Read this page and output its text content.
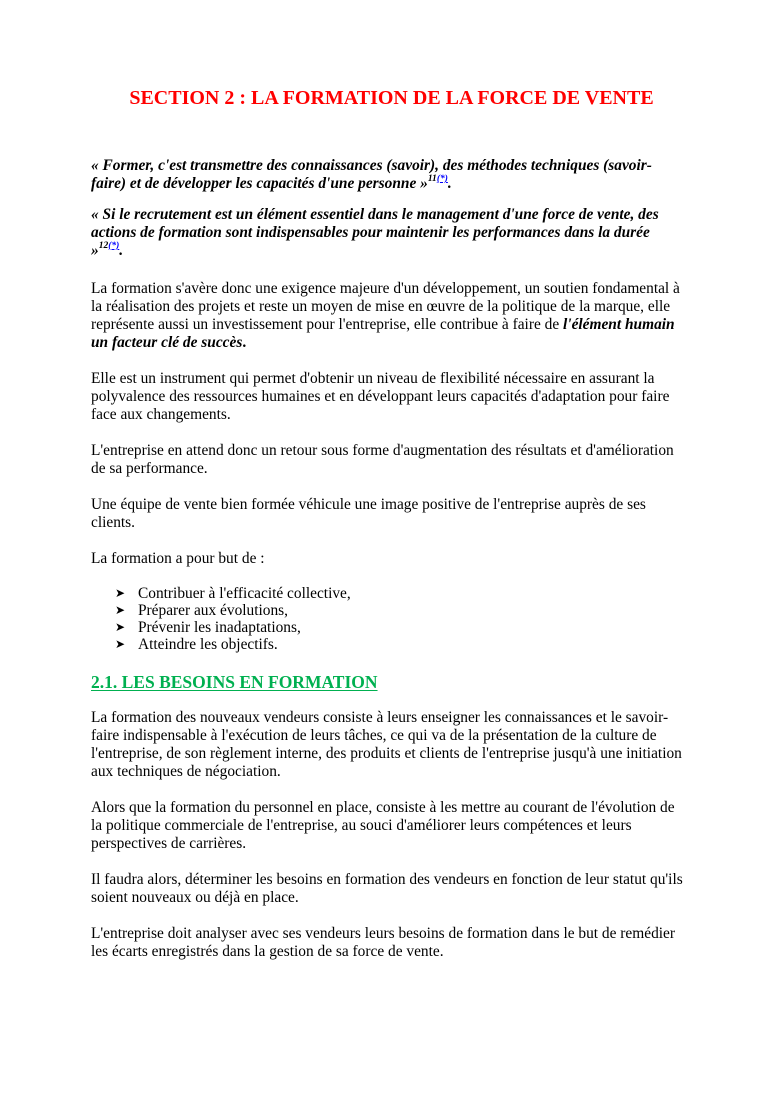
SECTION 2 : LA FORMATION DE LA FORCE DE VENTE

« Former, c'est transmettre des connaissances (savoir), des méthodes techniques (savoir-faire) et de développer les capacités d'une personne »$^{11(*)}$.

« Si le recrutement est un élément essentiel dans le management d'une force de vente, des actions de formation sont indispensables pour maintenir les performances dans la durée »$^{12(*)}$.

La formation s'avère donc une exigence majeure d'un développement, un soutien fondamental à la réalisation des projets et reste un moyen de mise en œuvre de la politique de la marque, elle représente aussi un investissement pour l'entreprise, elle contribue à faire de l'élément humain un facteur clé de succès.

Elle est un instrument qui permet d'obtenir un niveau de flexibilité nécessaire en assurant la polyvalence des ressources humaines et en développant leurs capacités d'adaptation pour faire face aux changements.

L'entreprise en attend donc un retour sous forme d'augmentation des résultats et d'amélioration de sa performance.

Une équipe de vente bien formée véhicule une image positive de l'entreprise auprès de ses clients.

La formation a pour but de :

➤ Contribuer à l'efficacité collective,
➤ Préparer aux évolutions,
➤ Prévenir les inadaptations,
➤ Atteindre les objectifs.
2.1. LES BESOINS EN FORMATION

La formation des nouveaux vendeurs consiste à leurs enseigner les connaissances et le savoir-faire indispensable à l'exécution de leurs tâches, ce qui va de la présentation de la culture de l'entreprise, de son règlement interne, des produits et clients de l'entreprise jusqu'à une initiation aux techniques de négociation.

Alors que la formation du personnel en place, consiste à les mettre au courant de l'évolution de la politique commerciale de l'entreprise, au souci d'améliorer leurs compétences et leurs perspectives de carrières.

Il faudra alors, déterminer les besoins en formation des vendeurs en fonction de leur statut qu'ils soient nouveaux ou déjà en place.

L'entreprise doit analyser avec ses vendeurs leurs besoins de formation dans le but de remédier les écarts enregistrés dans la gestion de sa force de vente.
